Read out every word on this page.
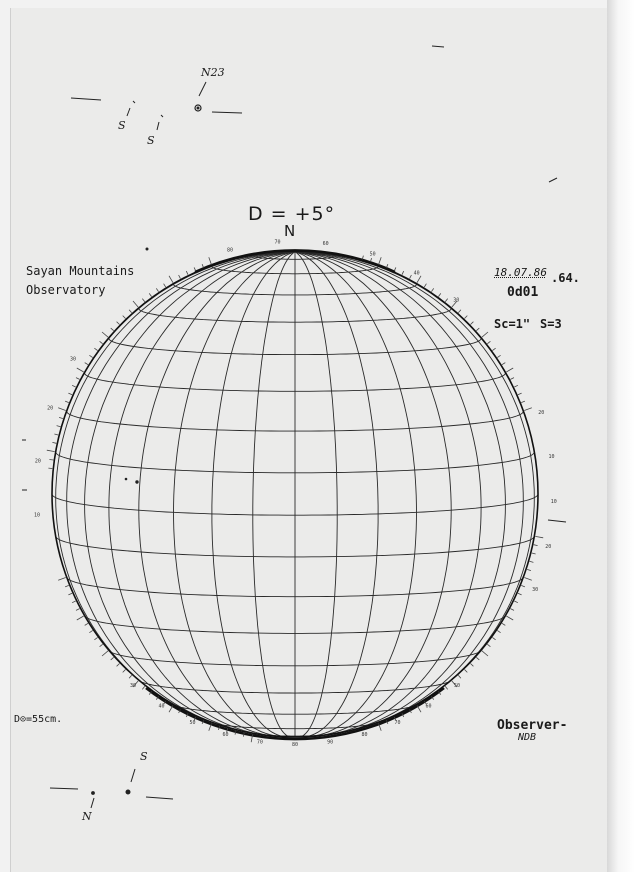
20
10
10
20
30
10
20
20
30
80
70	60
50
40
30
50
60
70
80
90
80
70
60
50
40
30
Sayan Mountains
Observatory
D = +5°
N
18.07.86 .64.
0d01
Sc=1" S=3
D⊙=55cm.	Observer-
NDB
N23
S
S
S
N
